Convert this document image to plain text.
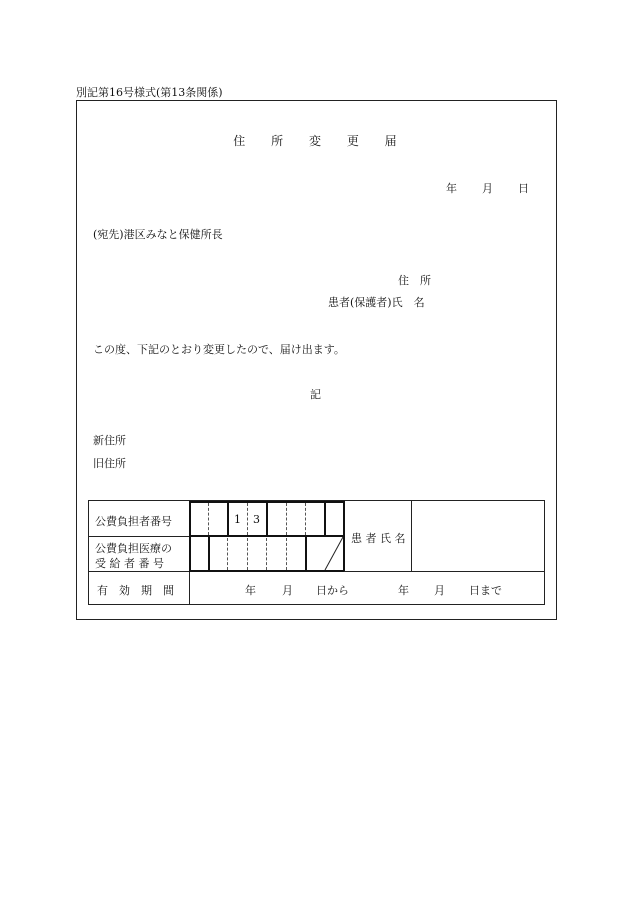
別記第16号様式(第13条関係)
住 所 変 更 届
年 月 日
(宛先)港区みなと保健所長
住　所
患者(保護者)氏　名
この度、下記のとおり変更したので、届け出ます。
記
新住所
旧住所
公費負担者番号
公費負担医療の
受 給 者 番 号
有　効　期　間
患 者 氏 名
1 3
年 月 日から	年 月 日まで
